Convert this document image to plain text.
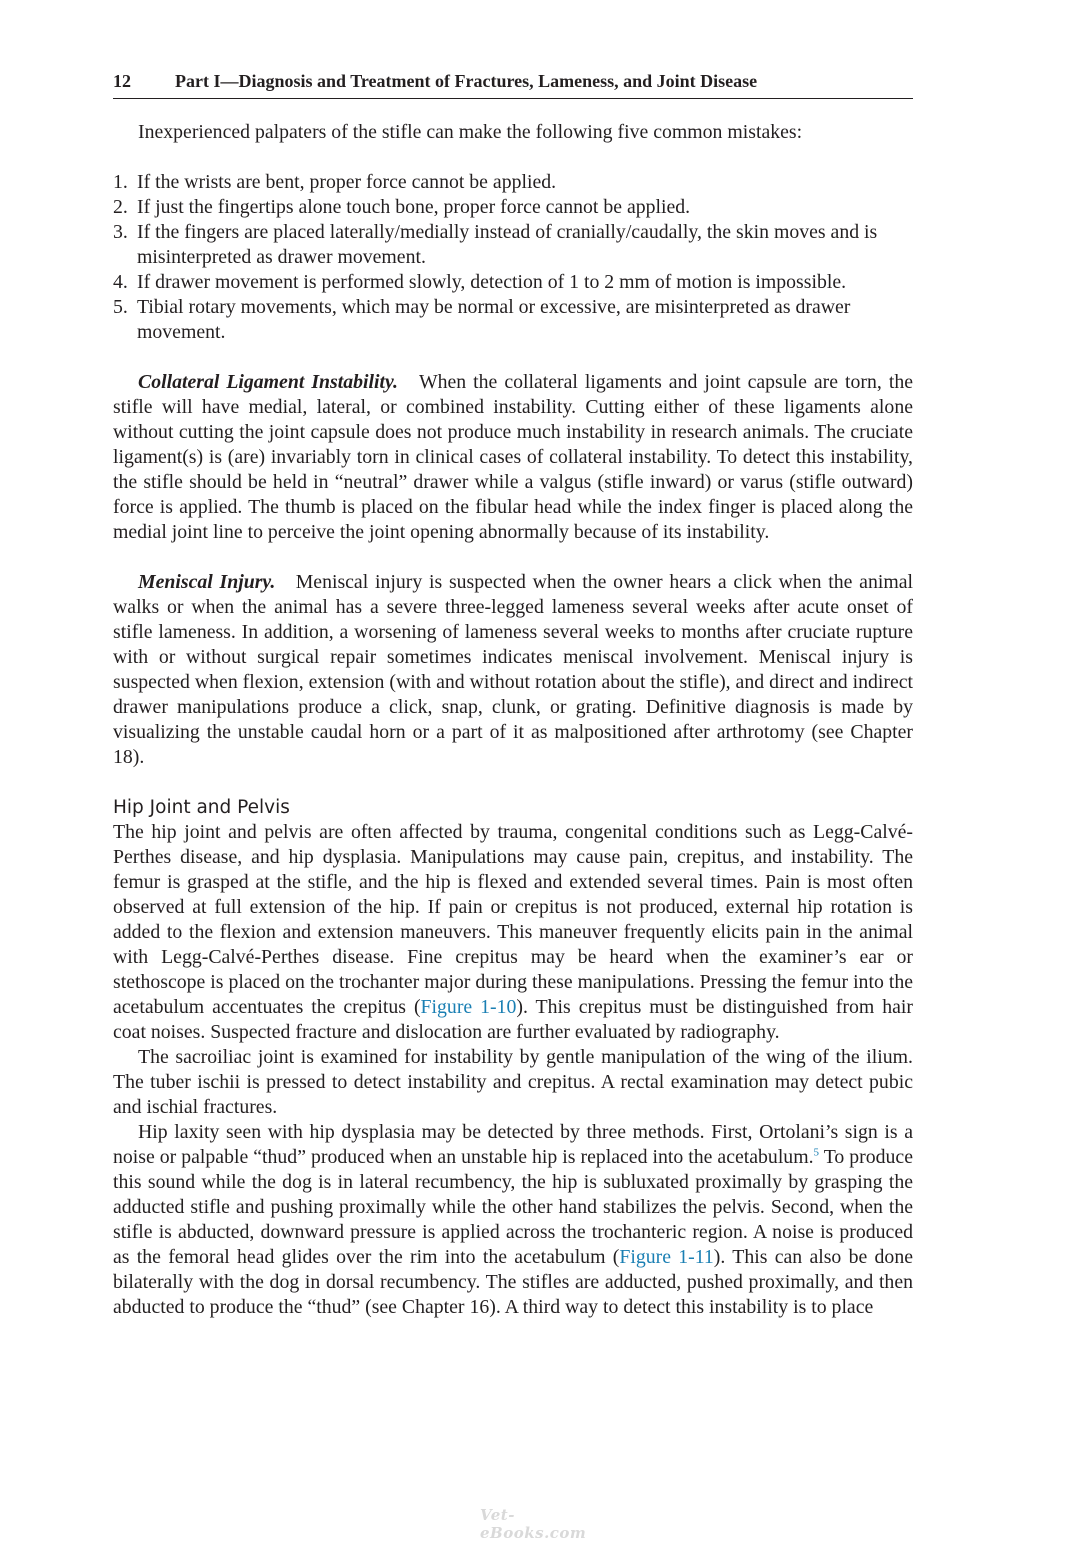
12 Part I—Diagnosis and Treatment of Fractures, Lameness, and Joint Disease

Inexperienced palpaters of the stifle can make the following five common mistakes:

1. If the wrists are bent, proper force cannot be applied.
2. If just the fingertips alone touch bone, proper force cannot be applied.
3. If the fingers are placed laterally/medially instead of cranially/caudally, the skin moves and is misinterpreted as drawer movement.
4. If drawer movement is performed slowly, detection of 1 to 2 mm of motion is impossible.
5. Tibial rotary movements, which may be normal or excessive, are misinterpreted as drawer movement.

Collateral Ligament Instability. When the collateral ligaments and joint capsule are torn, the stifle will have medial, lateral, or combined instability. Cutting either of these ligaments alone without cutting the joint capsule does not produce much instability in research animals. The cruciate ligament(s) is (are) invariably torn in clinical cases of collateral instability. To detect this instability, the stifle should be held in “neutral” drawer while a valgus (stifle inward) or varus (stifle outward) force is applied. The thumb is placed on the fibular head while the index finger is placed along the medial joint line to perceive the joint opening abnormally because of its instability.

Meniscal Injury. Meniscal injury is suspected when the owner hears a click when the animal walks or when the animal has a severe three-legged lameness several weeks after acute onset of stifle lameness. In addition, a worsening of lameness several weeks to months after cruciate rupture with or without surgical repair sometimes indicates meniscal involvement. Meniscal injury is suspected when flexion, extension (with and without rotation about the stifle), and direct and indirect drawer manipulations produce a click, snap, clunk, or grating. Definitive diagnosis is made by visualizing the unstable caudal horn or a part of it as malpositioned after arthrotomy (see Chapter 18).

Hip Joint and Pelvis

The hip joint and pelvis are often affected by trauma, congenital conditions such as Legg-Calvé-Perthes disease, and hip dysplasia. Manipulations may cause pain, crepitus, and instability. The femur is grasped at the stifle, and the hip is flexed and extended several times. Pain is most often observed at full extension of the hip. If pain or crepitus is not produced, external hip rotation is added to the flexion and extension maneuvers. This maneuver frequently elicits pain in the animal with Legg-Calvé-Perthes disease. Fine crepitus may be heard when the examiner’s ear or stethoscope is placed on the trochanter major during these manipulations. Pressing the femur into the acetabulum accentuates the crepitus (Figure 1-10). This crepitus must be distinguished from hair coat noises. Suspected fracture and dislocation are further evaluated by radiography.

The sacroiliac joint is examined for instability by gentle manipulation of the wing of the ilium. The tuber ischii is pressed to detect instability and crepitus. A rectal examination may detect pubic and ischial fractures.

Hip laxity seen with hip dysplasia may be detected by three methods. First, Ortolani’s sign is a noise or palpable “thud” produced when an unstable hip is replaced into the acetabulum.$^5$ To produce this sound while the dog is in lateral recumbency, the hip is subluxated proximally by grasping the adducted stifle and pushing proximally while the other hand stabilizes the pelvis. Second, when the stifle is abducted, downward pressure is applied across the trochanteric region. A noise is produced as the femoral head glides over the rim into the acetabulum (Figure 1-11). This can also be done bilaterally with the dog in dorsal recumbency. The stifles are adducted, pushed proximally, and then abducted to produce the “thud” (see Chapter 16). A third way to detect this instability is to place

Vet-eBooks.com
